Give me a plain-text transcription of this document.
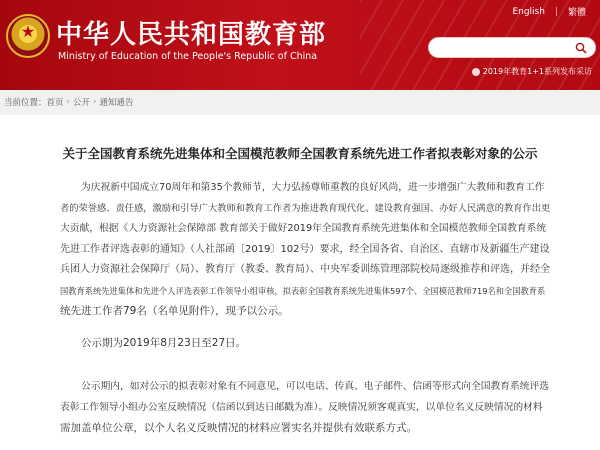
★
中华人民共和国教育部
Ministry of Education of the People's Republic of China
English | 繁體
2019年教育1+1系列发布采访
当前位置： 首页 › 公开 › 通知通告
关于全国教育系统先进集体和全国模范教师全国教育系统先进工作者拟表彰对象的公示
为庆祝新中国成立70周年和第35个教师节，大力弘扬尊师重教的良好风尚，进一步增强广大教师和教育工作
者的荣誉感、责任感，激励和引导广大教师和教育工作者为推进教育现代化、建设教育强国、办好人民满意的教育作出更
大贡献，根据《人力资源社会保障部 教育部关于做好2019年全国教育系统先进集体和全国模范教师全国教育系统
先进工作者评选表彰的通知》（人社部函〔2019〕102号）要求，经全国各省、自治区、直辖市及新疆生产建设
兵团人力资源社会保障厅（局）、教育厅（教委、教育局）、中央军委训练管理部院校局逐级推荐和评选，并经全
国教育系统先进集体和先进个人评选表彰工作领导小组审核，拟表彰全国教育系统先进集体597个、全国模范教师719名和全国教育系
统先进工作者79名（名单见附件），现予以公示。
公示期为2019年8月23日至27日。
公示期内，如对公示的拟表彰对象有不同意见，可以电话、传真、电子邮件、信函等形式向全国教育系统评选
表彰工作领导小组办公室反映情况（信函以到达日邮戳为准）。反映情况须客观真实，以单位名义反映情况的材料
需加盖单位公章，以个人名义反映情况的材料应署实名并提供有效联系方式。
